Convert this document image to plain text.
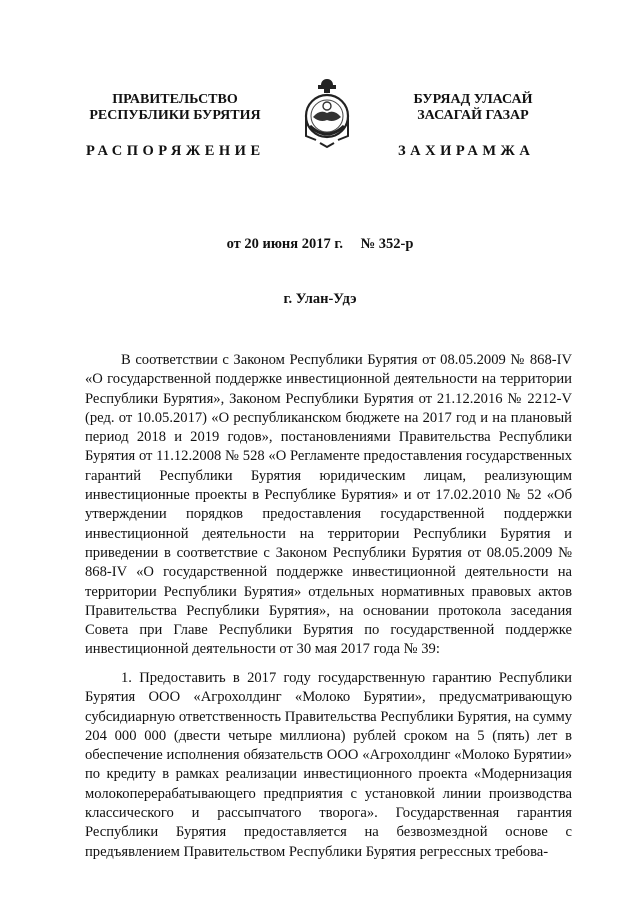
ПРАВИТЕЛЬСТВО
РЕСПУБЛИКИ БУРЯТИЯ
БУРЯАД УЛАСАЙ
ЗАСАГАЙ ГАЗАР
РАСПОРЯЖЕНИЕ	ЗАХИРАМЖА
от 20 июня 2017 г. № 352-р
г. Улан-Удэ

В соответствии с Законом Республики Бурятия от 08.05.2009 № 868-IV «О государственной поддержке инвестиционной деятельности на территории Республики Бурятия», Законом Республики Бурятия от 21.12.2016 № 2212-V (ред. от 10.05.2017) «О республиканском бюджете на 2017 год и на плановый период 2018 и 2019 годов», постановлениями Правительства Республики Бурятия от 11.12.2008 № 528 «О Регламенте предоставления государственных гарантий Республики Бурятия юридическим лицам, реализующим инвестиционные проекты в Республике Бурятия» и от 17.02.2010 № 52 «Об утверждении порядков предоставления государственной поддержки инвестиционной деятельности на территории Республики Бурятия и приведении в соответствие с Законом Республики Бурятия от 08.05.2009 № 868-IV «О государственной поддержке инвестиционной деятельности на территории Республики Бурятия» отдельных нормативных правовых актов Правительства Республики Бурятия», на основании протокола заседания Совета при Главе Республики Бурятия по государственной поддержке инвестиционной деятельности от 30 мая 2017 года № 39:

1. Предоставить в 2017 году государственную гарантию Республики Бурятия ООО «Агрохолдинг «Молоко Бурятии», предусматривающую субсидиарную ответственность Правительства Республики Бурятия, на сумму 204 000 000 (двести четыре миллиона) рублей сроком на 5 (пять) лет в обеспечение исполнения обязательств ООО «Агрохолдинг «Молоко Бурятии» по кредиту в рамках реализации инвестиционного проекта «Модернизация молокоперерабатывающего предприятия с установкой линии производства классического и рассыпчатого творога». Государственная гарантия Республики Бурятия предоставляется на безвозмездной основе с предъявлением Правительством Республики Бурятия регрессных требова-
